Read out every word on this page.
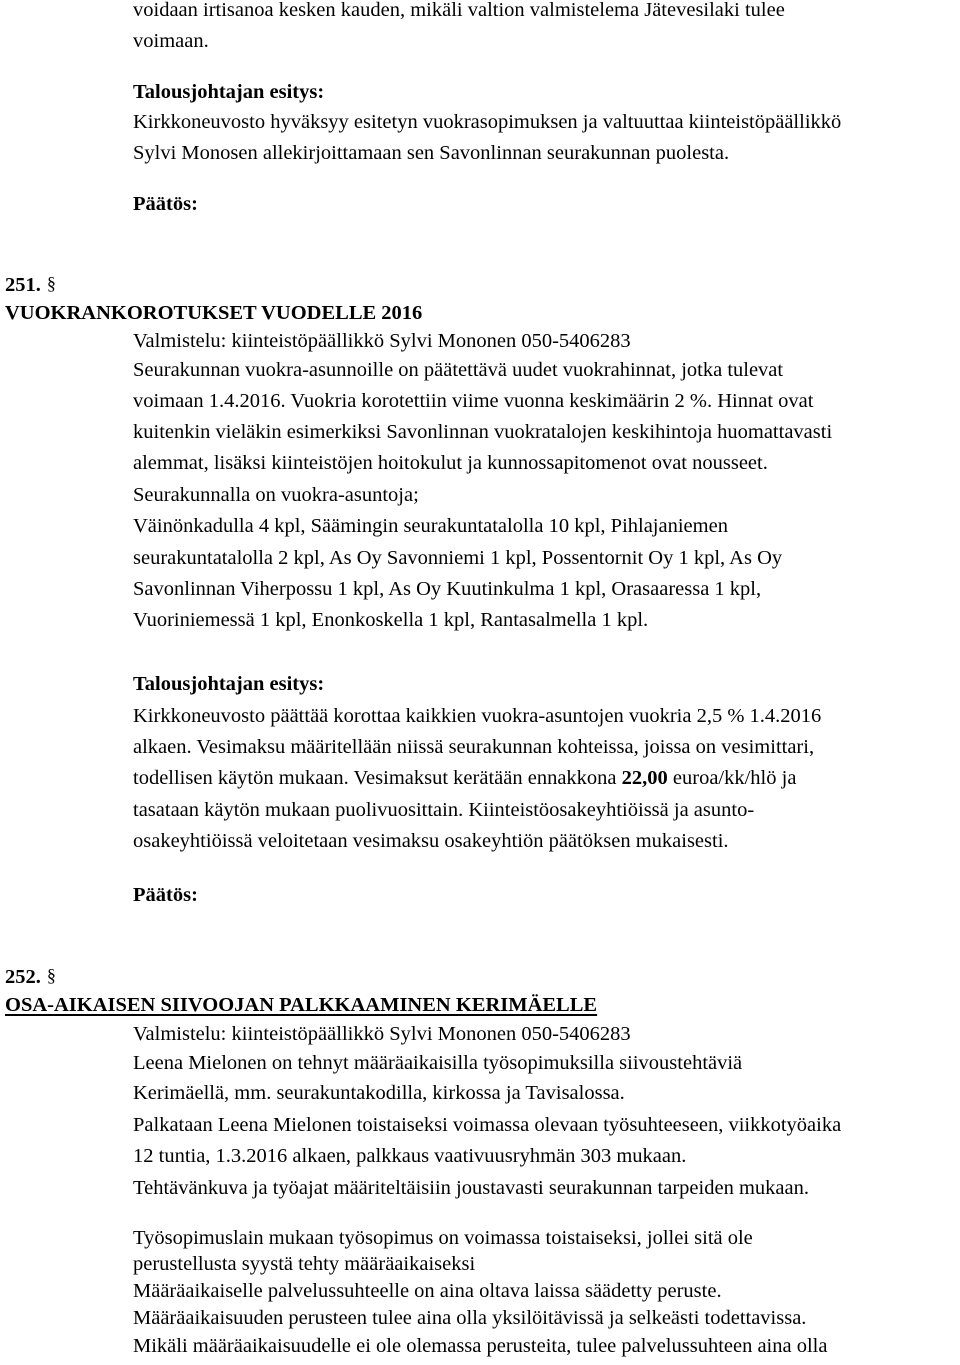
voidaan irtisanoa kesken kauden, mikäli valtion valmistelema Jätevesilaki tulee
voimaan.
Talousjohtajan esitys:
Kirkkoneuvosto hyväksyy esitetyn vuokrasopimuksen ja valtuuttaa kiinteistöpäällikkö
Sylvi Monosen allekirjoittamaan sen Savonlinnan seurakunnan puolesta.
Päätös:
251. §
VUOKRANKOROTUKSET VUODELLE 2016
Valmistelu: kiinteistöpäällikkö Sylvi Mononen 050-5406283
Seurakunnan vuokra-asunnoille on päätettävä uudet vuokrahinnat, jotka tulevat
voimaan 1.4.2016. Vuokria korotettiin viime vuonna keskimäärin 2 %. Hinnat ovat
kuitenkin vieläkin esimerkiksi Savonlinnan vuokratalojen keskihintoja huomattavasti
alemmat, lisäksi kiinteistöjen hoitokulut ja kunnossapitomenot ovat nousseet.
Seurakunnalla on vuokra-asuntoja;
Väinönkadulla 4 kpl, Säämingin seurakuntatalolla 10 kpl, Pihlajaniemen
seurakuntatalolla 2 kpl, As Oy Savonniemi 1 kpl, Possentornit Oy 1 kpl, As Oy
Savonlinnan Viherpossu 1 kpl, As Oy Kuutinkulma 1 kpl, Orasaaressa 1 kpl,
Vuoriniemessä 1 kpl, Enonkoskella 1 kpl, Rantasalmella 1 kpl.
Talousjohtajan esitys:
Kirkkoneuvosto päättää korottaa kaikkien vuokra-asuntojen vuokria 2,5 % 1.4.2016
alkaen. Vesimaksu määritellään niissä seurakunnan kohteissa, joissa on vesimittari,
todellisen käytön mukaan. Vesimaksut kerätään ennakkona 22,00 euroa/kk/hlö ja
tasataan käytön mukaan puolivuosittain. Kiinteistöosakeyhtiöissä ja asunto-
osakeyhtiöissä veloitetaan vesimaksu osakeyhtiön päätöksen mukaisesti.
Päätös:
252. §
OSA-AIKAISEN SIIVOOJAN PALKKAAMINEN KERIMÄELLE
Valmistelu: kiinteistöpäällikkö Sylvi Mononen 050-5406283
Leena Mielonen on tehnyt määräaikaisilla työsopimuksilla siivoustehtäviä
Kerimäellä, mm. seurakuntakodilla, kirkossa ja Tavisalossa.
Palkataan Leena Mielonen toistaiseksi voimassa olevaan työsuhteeseen, viikkotyöaika
12 tuntia, 1.3.2016 alkaen, palkkaus vaativuusryhmän 303 mukaan.
Tehtävänkuva ja työajat määriteltäisiin joustavasti seurakunnan tarpeiden mukaan.
Työsopimuslain mukaan työsopimus on voimassa toistaiseksi, jollei sitä ole
perustellusta syystä tehty määräaikaiseksi
Määräaikaiselle palvelussuhteelle on aina oltava laissa säädetty peruste.
Määräaikaisuuden perusteen tulee aina olla yksilöitävissä ja selkeästi todettavissa.
Mikäli määräaikaisuudelle ei ole olemassa perusteita, tulee palvelussuhteen aina olla
